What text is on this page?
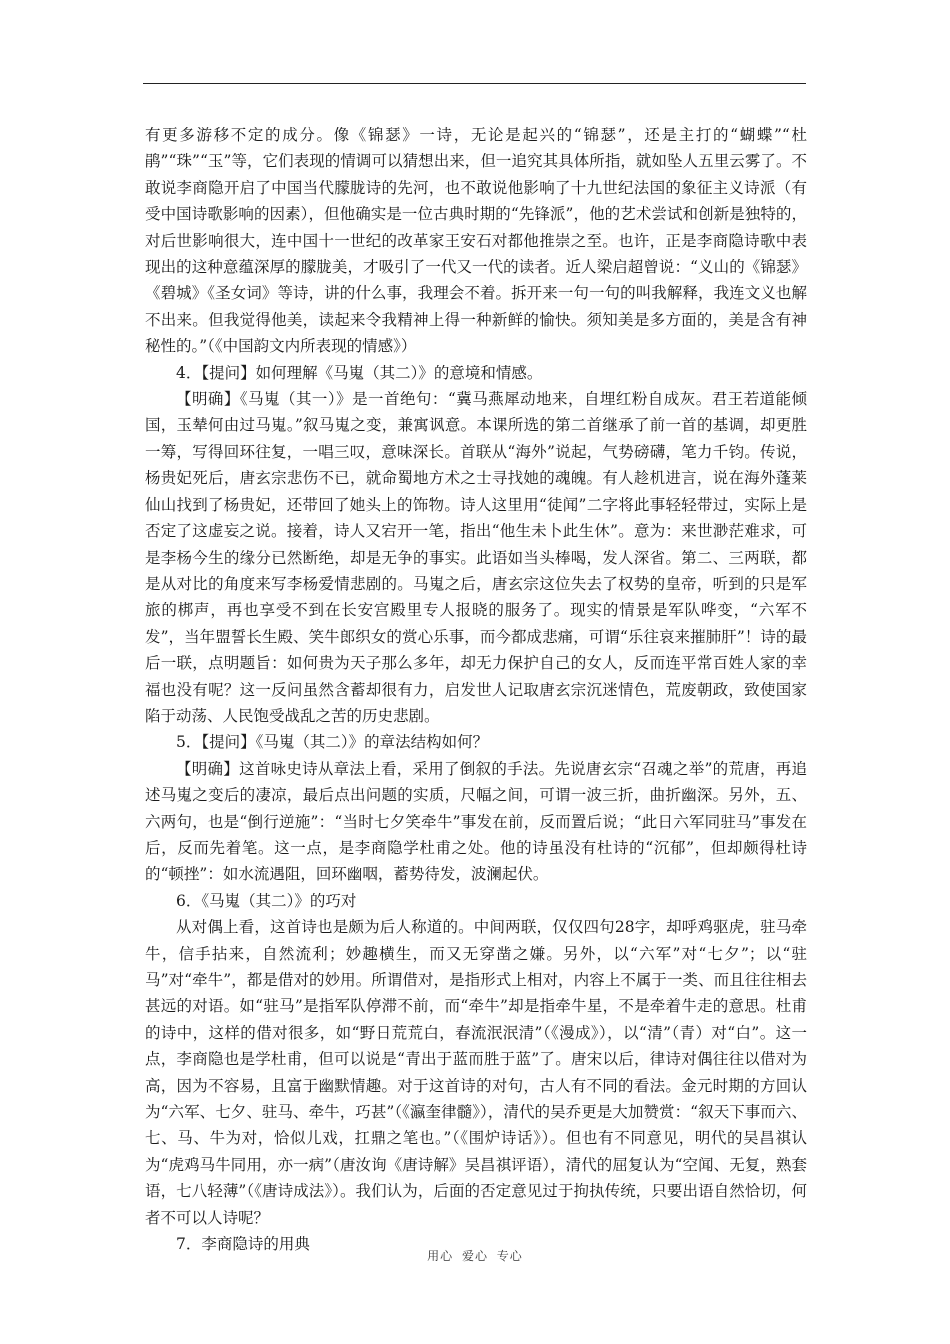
有更多游移不定的成分。像《锦瑟》一诗，无论是起兴的“锦瑟”，还是主打的“蝴蝶”“杜鹃”“珠”“玉”等，它们表现的情调可以猜想出来，但一追究其具体所指，就如坠人五里云雾了。不敢说李商隐开启了中国当代朦胧诗的先河，也不敢说他影响了十九世纪法国的象征主义诗派（有受中国诗歌影响的因素），但他确实是一位古典时期的“先锋派”，他的艺术尝试和创新是独特的，对后世影响很大，连中国十一世纪的改革家王安石对都他推崇之至。也许，正是李商隐诗歌中表现出的这种意蕴深厚的朦胧美，才吸引了一代又一代的读者。近人梁启超曾说：“义山的《锦瑟》《碧城》《圣女词》等诗，讲的什么事，我理会不着。拆开来一句一句的叫我解释，我连文义也解不出来。但我觉得他美，读起来令我精神上得一种新鲜的愉快。须知美是多方面的，美是含有神秘性的。”（《中国韵文内所表现的情感》）

4．【提问】如何理解《马嵬（其二）》的意境和情感。

【明确】《马嵬（其一）》是一首绝句：“冀马燕犀动地来，自埋红粉自成灰。君王若道能倾国，玉辇何由过马嵬。”叙马嵬之变，兼寓讽意。本课所选的第二首继承了前一首的基调，却更胜一筹，写得回环往复，一唱三叹，意味深长。首联从“海外”说起，气势磅礴，笔力千钧。传说，杨贵妃死后，唐玄宗悲伤不已，就命蜀地方术之士寻找她的魂魄。有人趁机进言，说在海外蓬莱仙山找到了杨贵妃，还带回了她头上的饰物。诗人这里用“徒闻”二字将此事轻轻带过，实际上是否定了这虚妄之说。接着，诗人又宕开一笔，指出“他生未卜此生休”。意为：来世渺茫难求，可是李杨今生的缘分已然断绝，却是无争的事实。此语如当头棒喝，发人深省。第二、三两联，都是从对比的角度来写李杨爱情悲剧的。马嵬之后，唐玄宗这位失去了权势的皇帝，听到的只是军旅的梆声，再也享受不到在长安宫殿里专人报晓的服务了。现实的情景是军队哗变，“六军不发”，当年盟誓长生殿、笑牛郎织女的赏心乐事，而今都成悲痛，可谓“乐往哀来摧肺肝”！诗的最后一联，点明题旨：如何贵为天子那么多年，却无力保护自己的女人，反而连平常百姓人家的幸福也没有呢？这一反问虽然含蓄却很有力，启发世人记取唐玄宗沉迷情色，荒废朝政，致使国家陷于动荡、人民饱受战乱之苦的历史悲剧。

5．【提问】《马嵬（其二）》的章法结构如何？

【明确】这首咏史诗从章法上看，采用了倒叙的手法。先说唐玄宗“召魂之举”的荒唐，再追述马嵬之变后的凄凉，最后点出问题的实质，尺幅之间，可谓一波三折，曲折幽深。另外，五、六两句，也是“倒行逆施”：“当时七夕笑牵牛”事发在前，反而置后说；“此日六军同驻马”事发在后，反而先着笔。这一点，是李商隐学杜甫之处。他的诗虽没有杜诗的“沉郁”，但却颇得杜诗的“顿挫”：如水流遇阻，回环幽咽，蓄势待发，波澜起伏。

6．《马嵬（其二）》的巧对

从对偶上看，这首诗也是颇为后人称道的。中间两联，仅仅四句28字，却呼鸡驱虎，驻马牵牛，信手拈来，自然流利；妙趣横生，而又无穿凿之嫌。另外，以“六军”对“七夕”；以“驻马”对“牵牛”，都是借对的妙用。所谓借对，是指形式上相对，内容上不属于一类、而且往往相去甚远的对语。如“驻马”是指军队停滞不前，而“牵牛”却是指牵牛星，不是牵着牛走的意思。杜甫的诗中，这样的借对很多，如“野日荒荒白，春流泯泯清”（《漫成》），以“清”（青）对“白”。这一点，李商隐也是学杜甫，但可以说是“青出于蓝而胜于蓝”了。唐宋以后，律诗对偶往往以借对为高，因为不容易，且富于幽默情趣。对于这首诗的对句，古人有不同的看法。金元时期的方回认为“六军、七夕、驻马、牵牛，巧甚”（《瀛奎律髓》），清代的吴乔更是大加赞赏：“叙天下事而六、七、马、牛为对，恰似儿戏，扛鼎之笔也。”（《围炉诗话》）。但也有不同意见，明代的吴昌祺认为“虎鸡马牛同用，亦一病”（唐汝询《唐诗解》吴昌祺评语），清代的屈复认为“空闻、无复，熟套语，七八轻薄”（《唐诗成法》）。我们认为，后面的否定意见过于拘执传统，只要出语自然恰切，何者不可以人诗呢？

7．李商隐诗的用典

用心 爱心 专心
